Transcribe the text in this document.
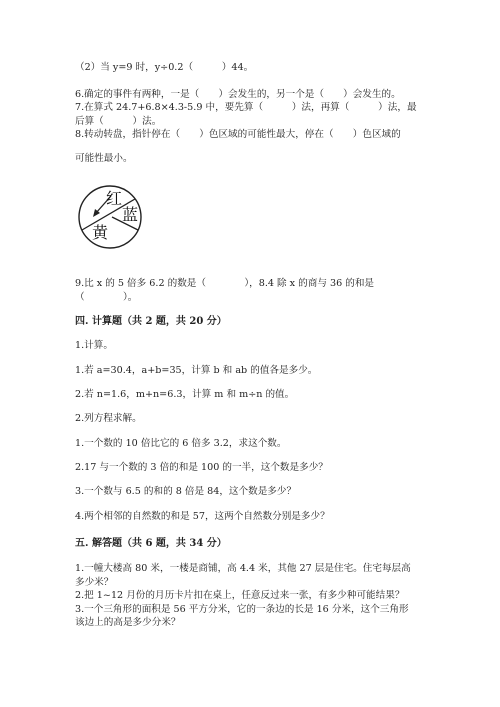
（2）当 y=9 时，y÷0.2（　　　）44。
6.确定的事件有两种，一是（　　）会发生的，另一个是（　　）会发生的。
7.在算式 24.7+6.8×4.3-5.9 中，要先算（　　　）法，再算（　　　）法，最
后算（　　　）法。
8.转动转盘，指针停在（　　）色区域的可能性最大，停在（　　）色区域的
可能性最小。
红
蓝
黄
9.比 x 的 5 倍多 6.2 的数是（　　　　），8.4 除 x 的商与 36 的和是
（　　　　）。
四. 计算题（共 2 题，共 20 分）
1.计算。
1.若 a=30.4，a+b=35，计算 b 和 ab 的值各是多少。
2.若 n=1.6，m+n=6.3，计算 m 和 m÷n 的值。
2.列方程求解。
1.一个数的 10 倍比它的 6 倍多 3.2，求这个数。
2.17 与一个数的 3 倍的和是 100 的一半，这个数是多少？
3.一个数与 6.5 的和的 8 倍是 84，这个数是多少？
4.两个相邻的自然数的和是 57，这两个自然数分别是多少？
五. 解答题（共 6 题，共 34 分）
1.一幢大楼高 80 米，一楼是商铺，高 4.4 米，其他 27 层是住宅。住宅每层高
多少米？
2.把 1~12 月份的月历卡片扣在桌上，任意反过来一张，有多少种可能结果？
3.一个三角形的面积是 56 平方分米，它的一条边的长是 16 分米，这个三角形
该边上的高是多少分米？
